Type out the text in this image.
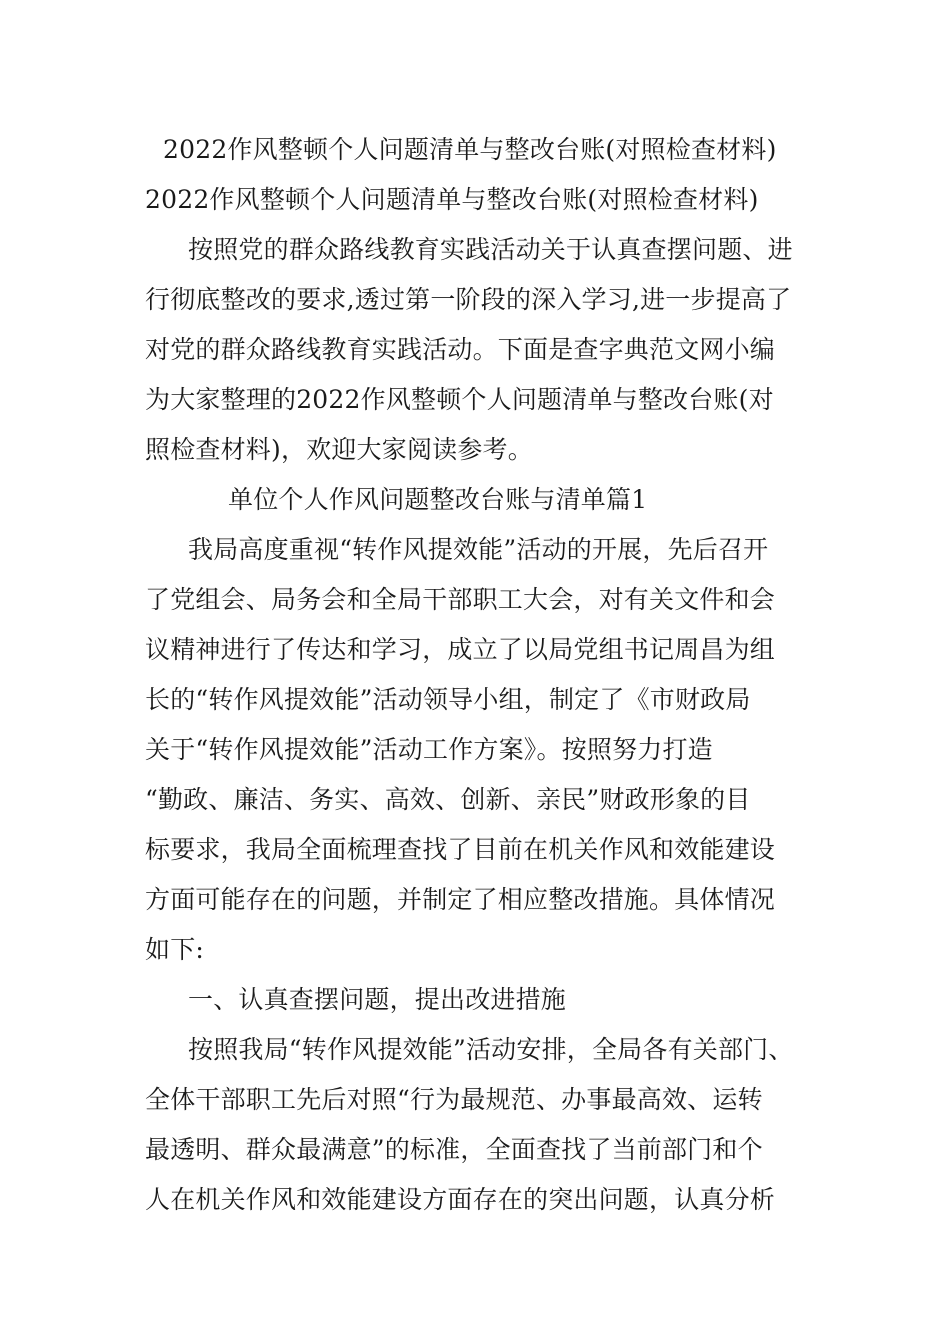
2022作风整顿个人问题清单与整改台账(对照检查材料)
2022作风整顿个人问题清单与整改台账(对照检查材料)
按照党的群众路线教育实践活动关于认真查摆问题、进
行彻底整改的要求,透过第一阶段的深入学习,进一步提高了
对党的群众路线教育实践活动。下面是查字典范文网小编
为大家整理的2022作风整顿个人问题清单与整改台账(对
照检查材料)，欢迎大家阅读参考。
单位个人作风问题整改台账与清单篇1
我局高度重视“转作风提效能”活动的开展，先后召开
了党组会、局务会和全局干部职工大会，对有关文件和会
议精神进行了传达和学习，成立了以局党组书记周昌为组
长的“转作风提效能”活动领导小组，制定了《市财政局
关于“转作风提效能”活动工作方案》。按照努力打造
“勤政、廉洁、务实、高效、创新、亲民”财政形象的目
标要求，我局全面梳理查找了目前在机关作风和效能建设
方面可能存在的问题，并制定了相应整改措施。具体情况
如下:
一、认真查摆问题，提出改进措施
按照我局“转作风提效能”活动安排，全局各有关部门、
全体干部职工先后对照“行为最规范、办事最高效、运转
最透明、群众最满意”的标准，全面查找了当前部门和个
人在机关作风和效能建设方面存在的突出问题，认真分析
